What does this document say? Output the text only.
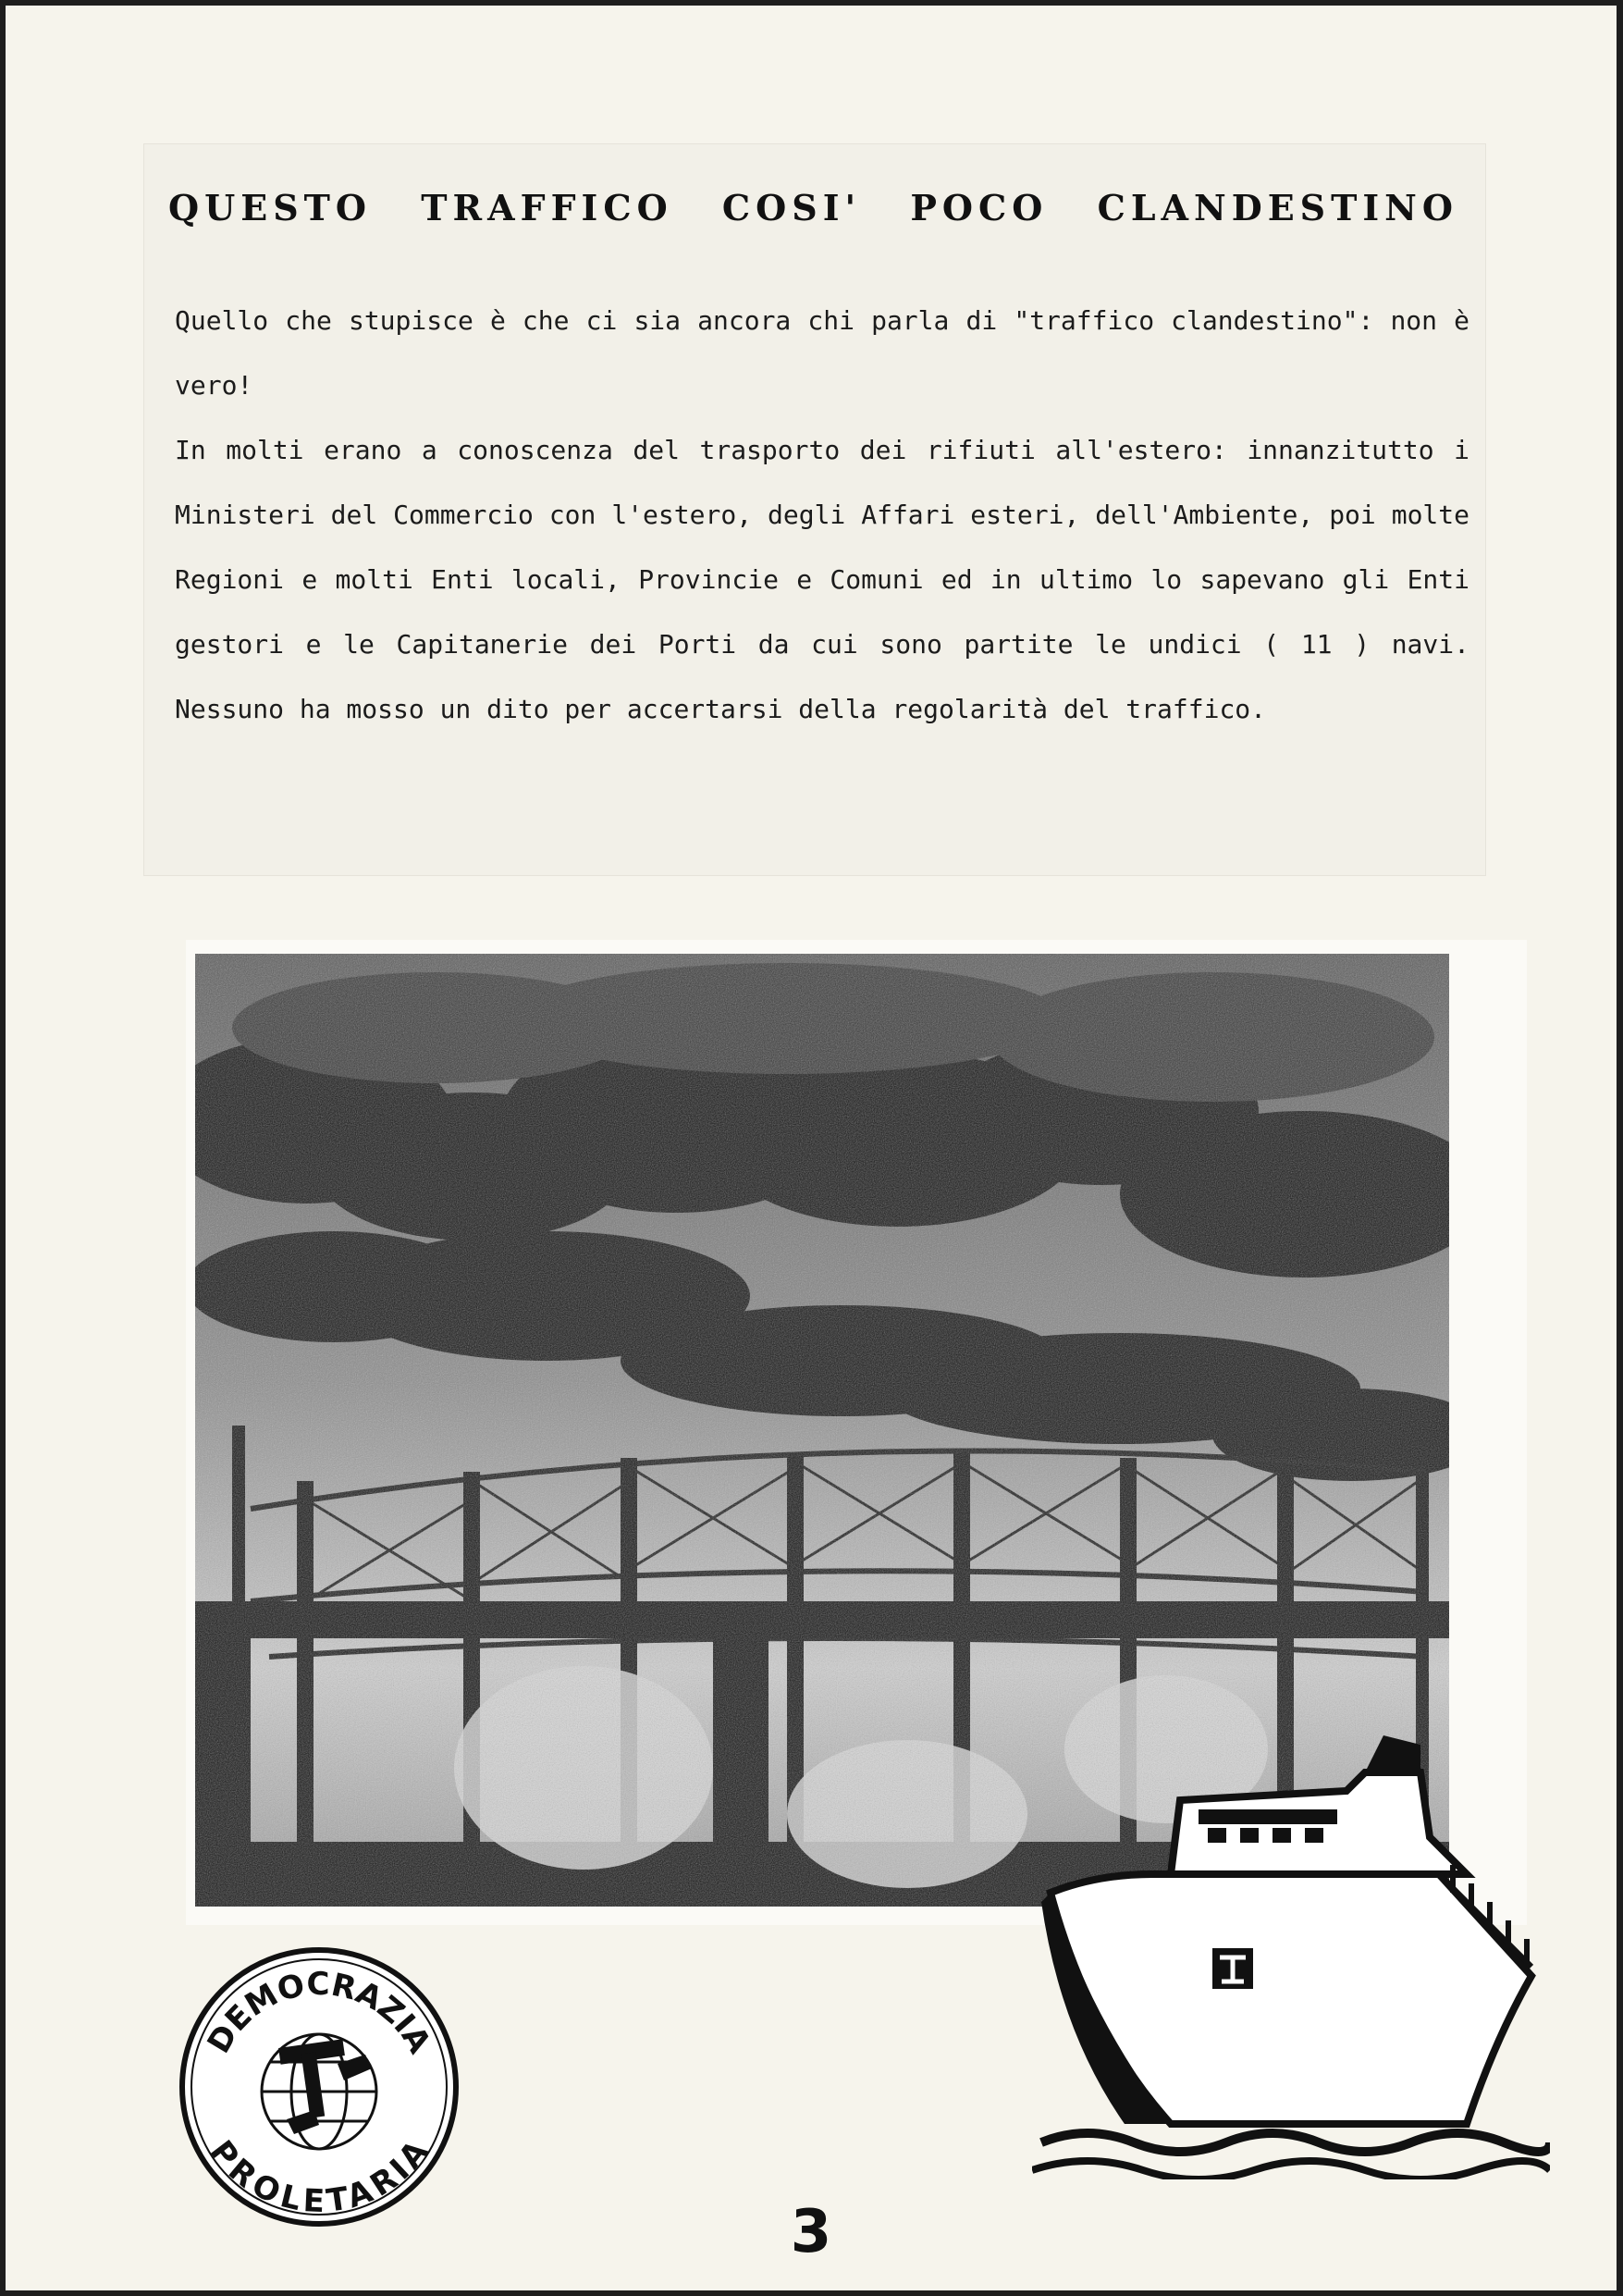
QUESTO TRAFFICO COSI' POCO CLANDESTINO

Quello che stupisce è che ci sia ancora chi parla di "traffico clandestino": non è vero!

In molti erano a conoscenza del trasporto dei rifiuti all'estero: innanzitutto i Ministeri del Commercio con l'estero, degli Affari esteri, dell'Ambiente, poi molte Regioni e molti Enti locali, Provincie e Comuni ed in ultimo lo sapevano gli Enti gestori e le Capitanerie dei Porti da cui sono partite le undici ( 11 ) navi. Nessuno ha mosso un dito per accertarsi della regolarità del traffico.

DEMOCRAZIA
PROLETARIA
3
